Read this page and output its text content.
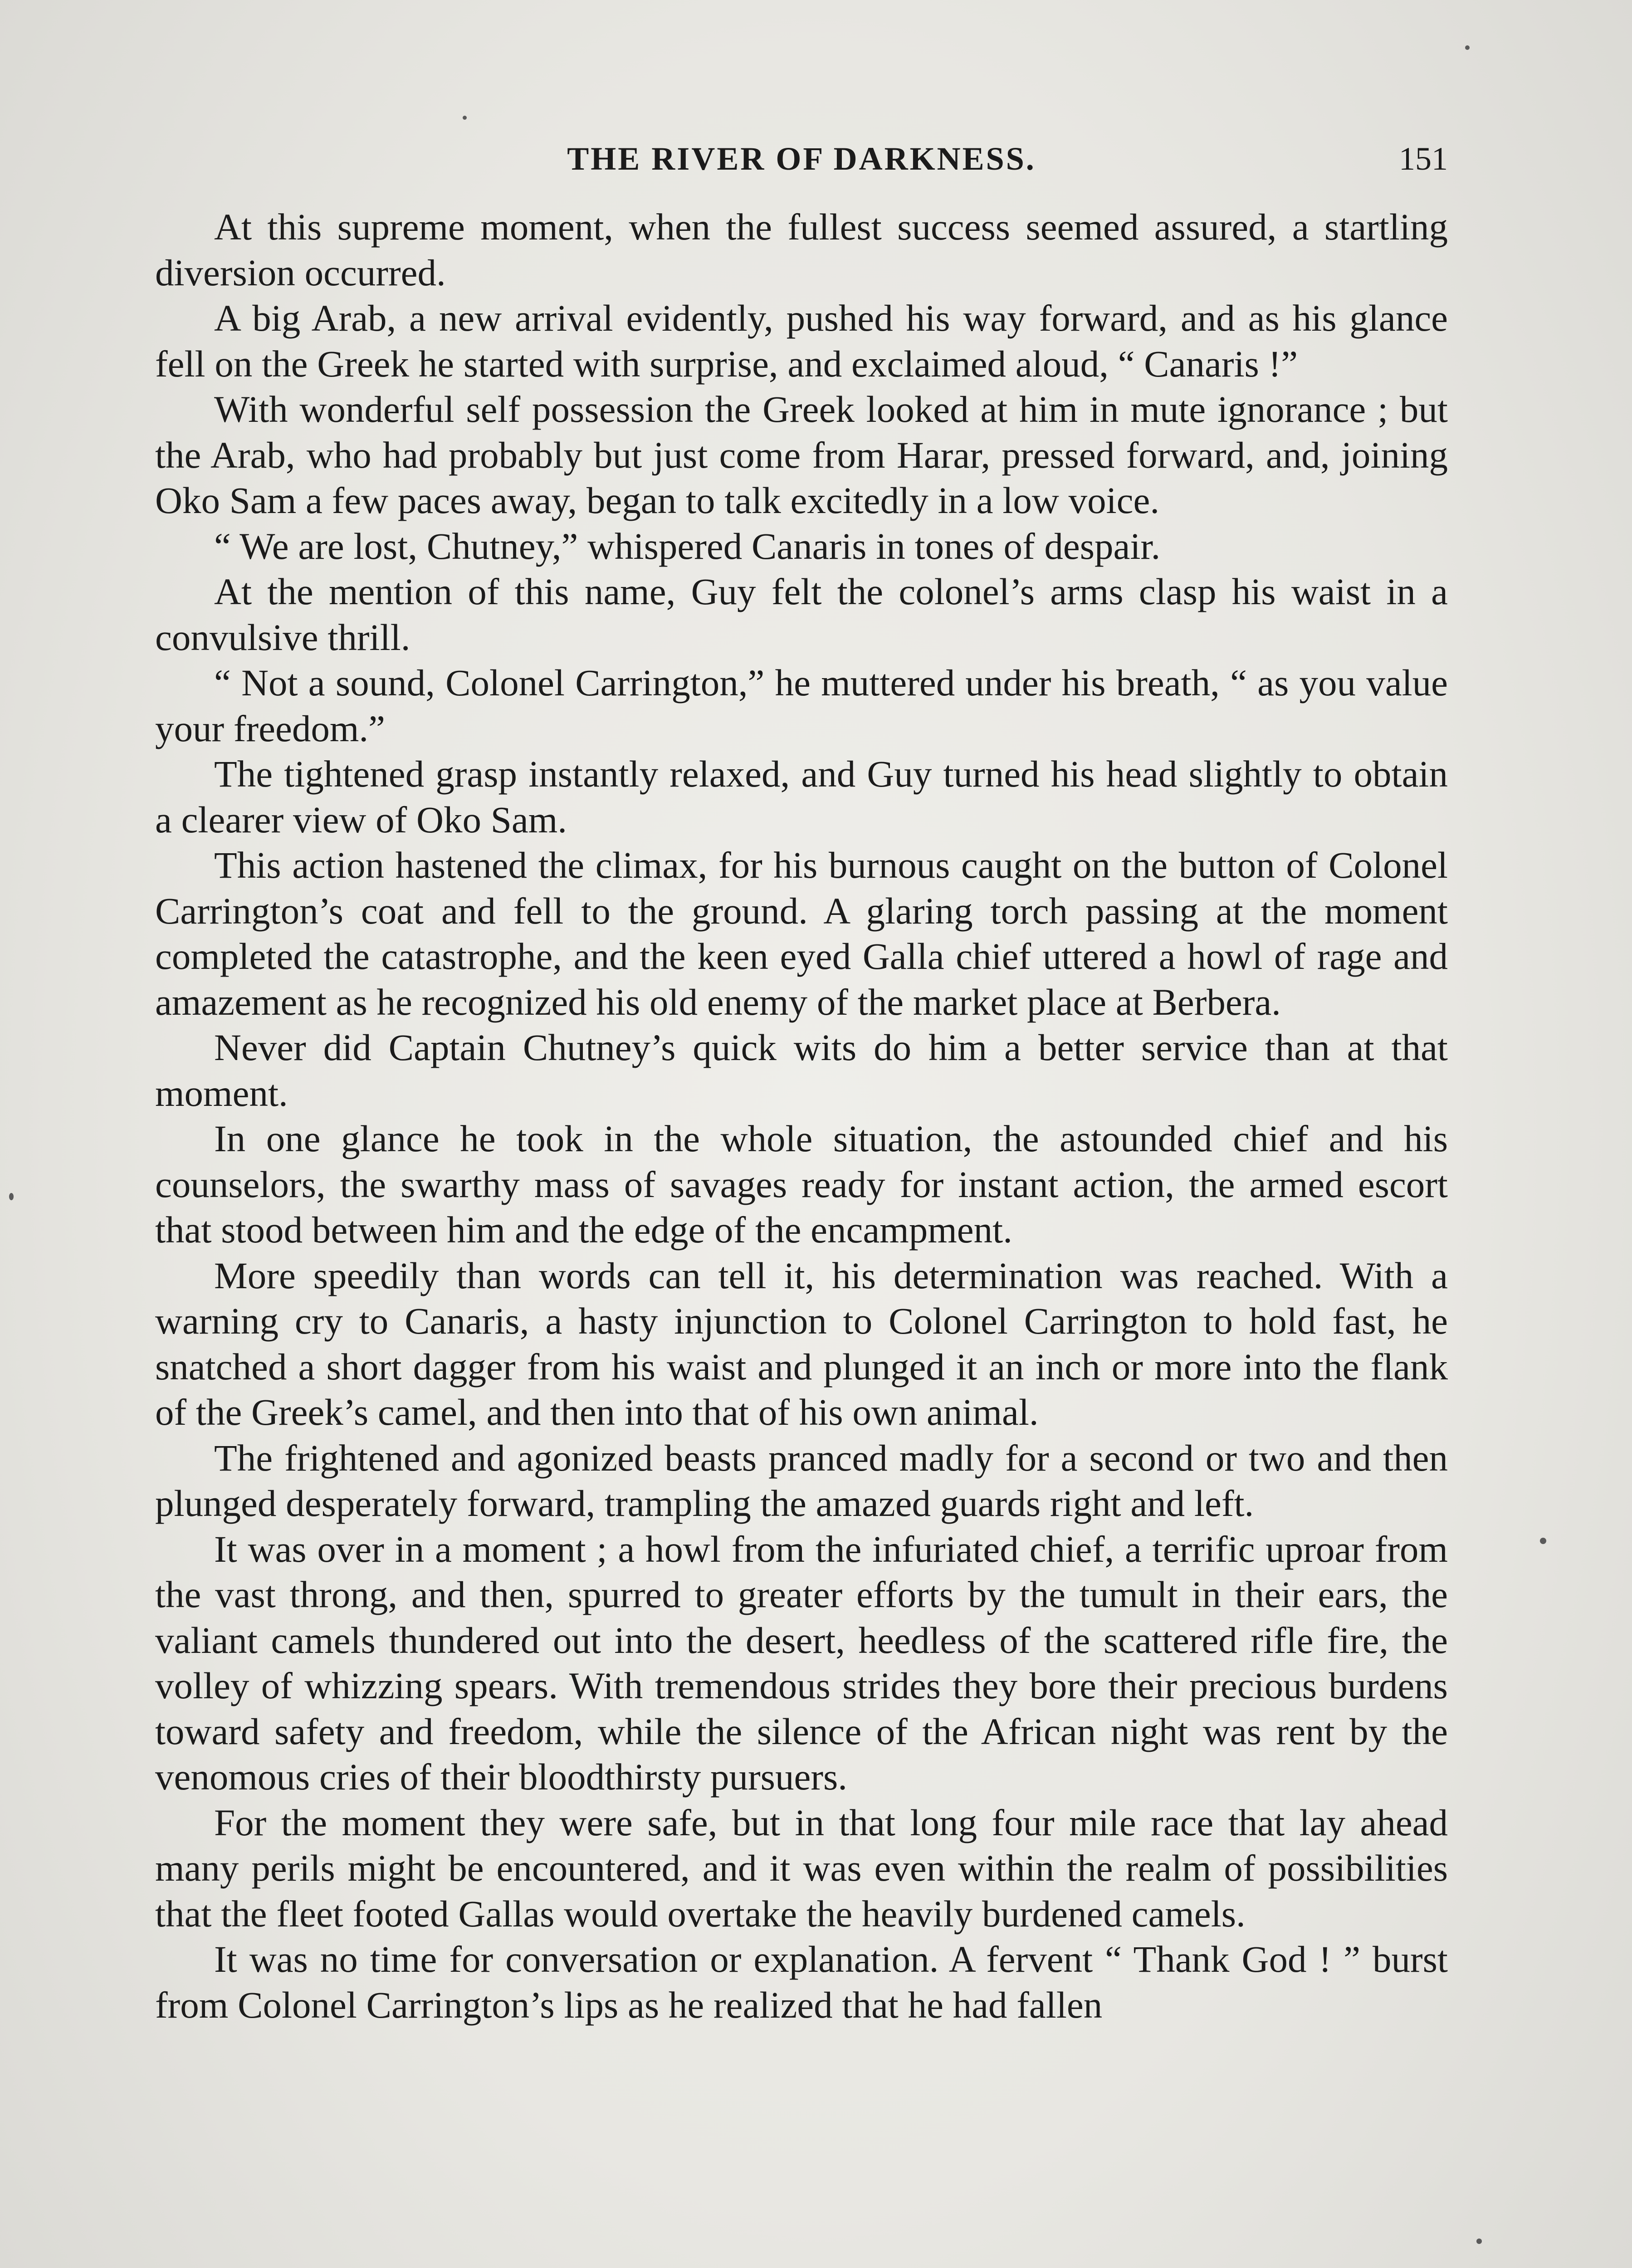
THE RIVER OF DARKNESS.	151

At this supreme moment, when the fullest success seemed assured, a startling diversion occurred.

A big Arab, a new arrival evidently, pushed his way forward, and as his glance fell on the Greek he started with surprise, and exclaimed aloud, “ Canaris !”

With wonderful self possession the Greek looked at him in mute ignorance ; but the Arab, who had probably but just come from Harar, pressed forward, and, joining Oko Sam a few paces away, began to talk excitedly in a low voice.

“ We are lost, Chutney,” whispered Canaris in tones of despair.

At the mention of this name, Guy felt the colonel’s arms clasp his waist in a convulsive thrill.

“ Not a sound, Colonel Carrington,” he muttered under his breath, “ as you value your freedom.”

The tightened grasp instantly relaxed, and Guy turned his head slightly to obtain a clearer view of Oko Sam.

This action hastened the climax, for his burnous caught on the button of Colonel Carrington’s coat and fell to the ground. A glaring torch passing at the moment completed the catastrophe, and the keen eyed Galla chief uttered a howl of rage and amazement as he recognized his old enemy of the market place at Berbera.

Never did Captain Chutney’s quick wits do him a better service than at that moment.

In one glance he took in the whole situation, the astounded chief and his counselors, the swarthy mass of savages ready for instant action, the armed escort that stood between him and the edge of the encampment.

More speedily than words can tell it, his determination was reached. With a warning cry to Canaris, a hasty injunction to Colonel Carrington to hold fast, he snatched a short dagger from his waist and plunged it an inch or more into the flank of the Greek’s camel, and then into that of his own animal.

The frightened and agonized beasts pranced madly for a second or two and then plunged desperately forward, trampling the amazed guards right and left.

It was over in a moment ; a howl from the infuriated chief, a terrific uproar from the vast throng, and then, spurred to greater efforts by the tumult in their ears, the valiant camels thundered out into the desert, heedless of the scattered rifle fire, the volley of whizzing spears. With tremendous strides they bore their precious burdens toward safety and freedom, while the silence of the African night was rent by the venomous cries of their bloodthirsty pursuers.

For the moment they were safe, but in that long four mile race that lay ahead many perils might be encountered, and it was even within the realm of possibilities that the fleet footed Gallas would overtake the heavily burdened camels.

It was no time for conversation or explanation. A fervent “ Thank God ! ” burst from Colonel Carrington’s lips as he realized that he had fallen
